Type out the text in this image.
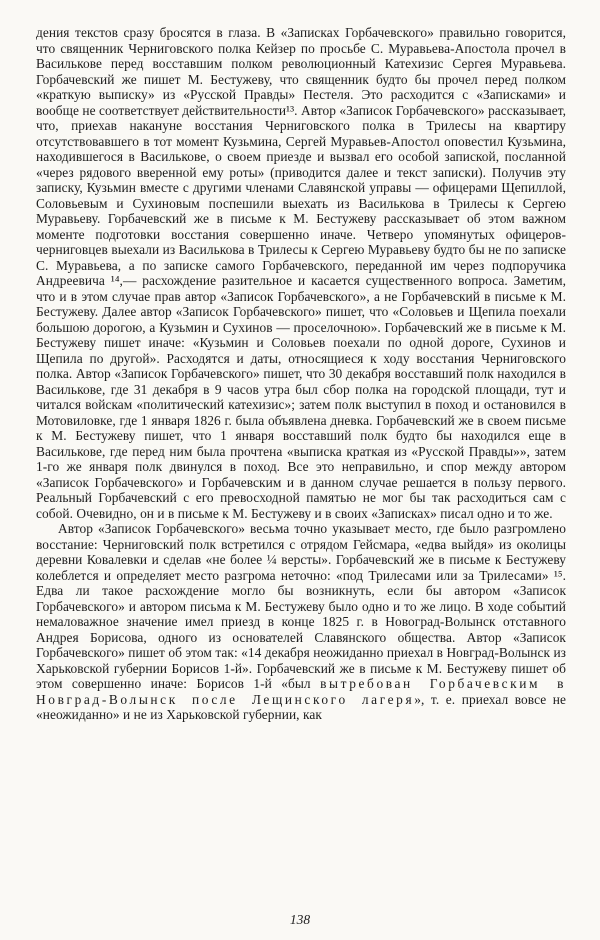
дения текстов сразу бросятся в глаза. В «Записках Горбачевского» правильно говорится, что священник Черниговского полка Кейзер по просьбе С. Муравьева-Апостола прочел в Василькове перед восставшим полком революционный Катехизис Сергея Муравьева. Горбачевский же пишет М. Бестужеву, что священник будто бы прочел перед полком «краткую выписку» из «Русской Правды» Пестеля. Это расходится с «Записками» и вообще не соответствует действительности¹³. Автор «Записок Горбачевского» рассказывает, что, приехав накануне восстания Черниговского полка в Трилесы на квартиру отсутствовавшего в тот момент Кузьмина, Сергей Муравьев-Апостол оповестил Кузьмина, находившегося в Василькове, о своем приезде и вызвал его особой запиской, посланной «через рядового вверенной ему роты» (приводится далее и текст записки). Получив эту записку, Кузьмин вместе с другими членами Славянской управы — офицерами Щепиллой, Соловьевым и Сухиновым поспешили выехать из Василькова в Трилесы к Сергею Муравьеву. Горбачевский же в письме к М. Бестужеву рассказывает об этом важном моменте подготовки восстания совершенно иначе. Четверо упомянутых офицеров-черниговцев выехали из Василькова в Трилесы к Сергею Муравьеву будто бы не по записке С. Муравьева, а по записке самого Горбачевского, переданной им через подпоручика Андреевича ¹⁴,— расхождение разительное и касается существенного вопроса. Заметим, что и в этом случае прав автор «Записок Горбачевского», а не Горбачевский в письме к М. Бестужеву. Далее автор «Записок Горбачевского» пишет, что «Соловьев и Щепила поехали большою дорогою, а Кузьмин и Сухинов — проселочною». Горбачевский же в письме к М. Бестужеву пишет иначе: «Кузьмин и Соловьев поехали по одной дороге, Сухинов и Щепила по другой». Расходятся и даты, относящиеся к ходу восстания Черниговского полка. Автор «Записок Горбачевского» пишет, что 30 декабря восставший полк находился в Василькове, где 31 декабря в 9 часов утра был сбор полка на городской площади, тут и читался войскам «политический катехизис»; затем полк выступил в поход и остановился в Мотовиловке, где 1 января 1826 г. была объявлена дневка. Горбачевский же в своем письме к М. Бестужеву пишет, что 1 января восставший полк будто бы находился еще в Василькове, где перед ним была прочтена «выписка краткая из «Русской Правды»», затем 1-го же января полк двинулся в поход. Все это неправильно, и спор между автором «Записок Горбачевского» и Горбачевским и в данном случае решается в пользу первого. Реальный Горбачевский с его превосходной памятью не мог бы так расходиться сам с собой. Очевидно, он и в письме к М. Бестужеву и в своих «Записках» писал одно и то же.

Автор «Записок Горбачевского» весьма точно указывает место, где было разгромлено восстание: Черниговский полк встретился с отрядом Гейсмара, «едва выйдя» из околицы деревни Ковалевки и сделав «не более ¼ версты». Горбачевский же в письме к Бестужеву колеблется и определяет место разгрома неточно: «под Трилесами или за Трилесами» ¹⁵. Едва ли такое расхождение могло бы возникнуть, если бы автором «Записок Горбачевского» и автором письма к М. Бестужеву было одно и то же лицо. В ходе событий немаловажное значение имел приезд в конце 1825 г. в Новоград-Волынск отставного Андрея Борисова, одного из основателей Славянского общества. Автор «Записок Горбачевского» пишет об этом так: «14 декабря неожиданно приехал в Новград-Волынск из Харьковской губернии Борисов 1-й». Горбачевский же в письме к М. Бестужеву пишет об этом совершенно иначе: Борисов 1-й «был вытребован Горбачевским в Новград-Волынск после Лещинского лагеря», т. е. приехал вовсе не «неожиданно» и не из Харьковской губернии, как

138
